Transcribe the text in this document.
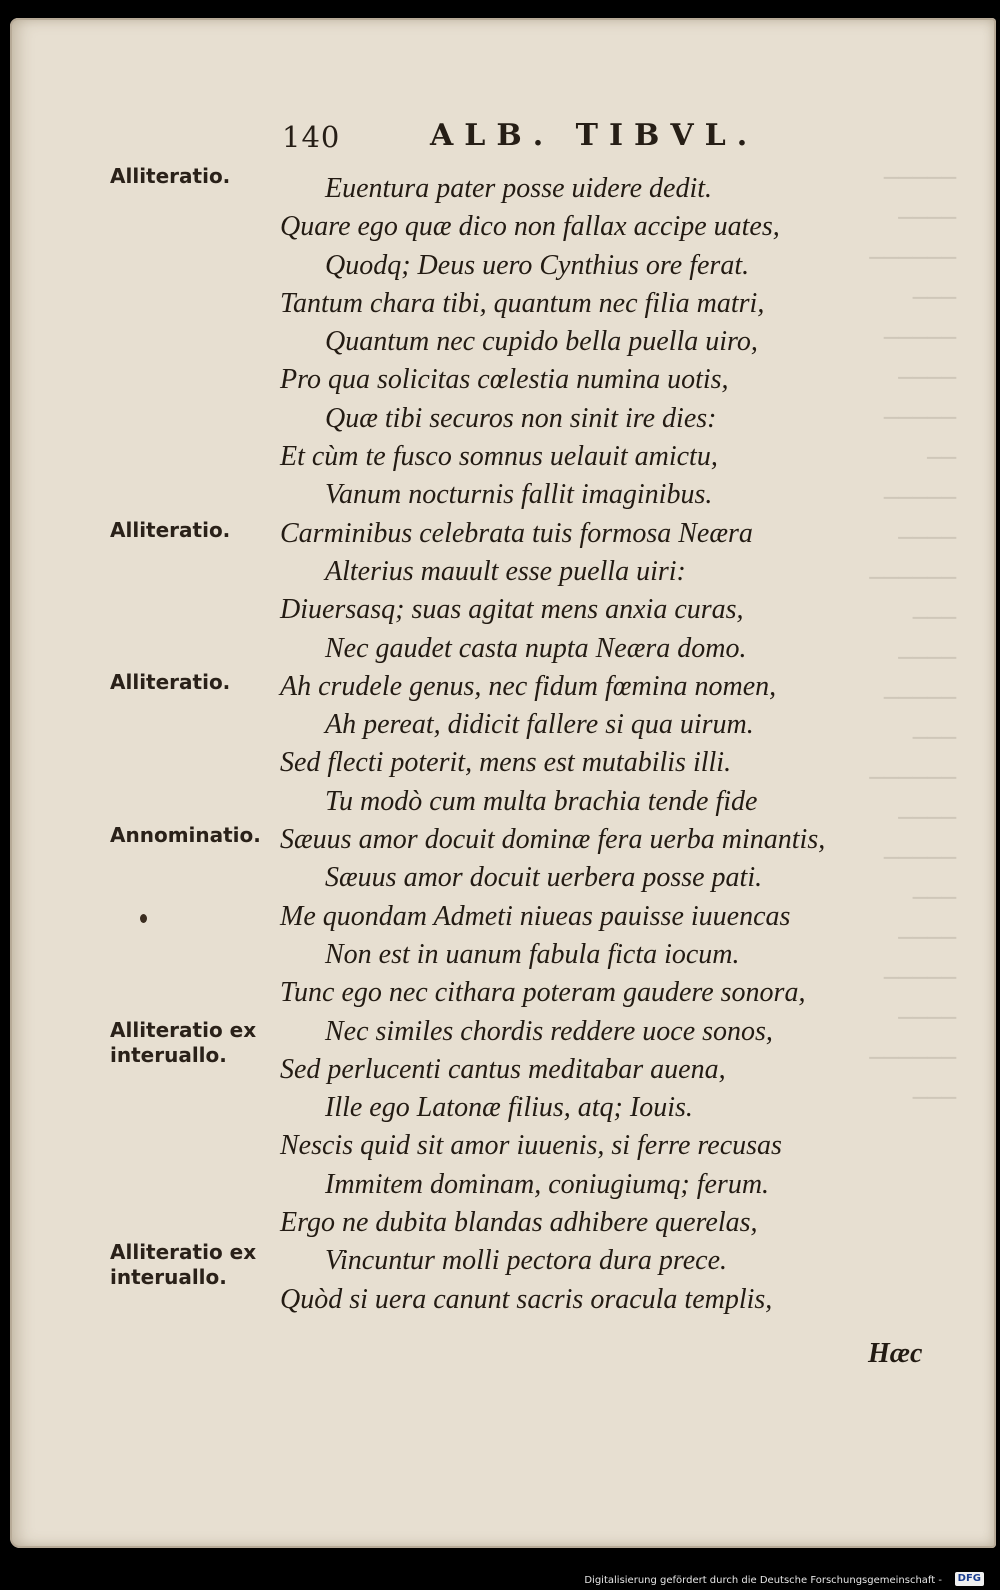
─────
────
──────
───
─────
────
─────
──
─────
────
──────
───
────
─────
───
──────
────
─────
───
────
─────
────
──────
───
140	ALB. TIBVL.
Alliteratio.
Alliteratio.
Alliteratio.
Annominatio.
Alliteratio ex
interuallo.
Alliteratio ex
interuallo.
Euentura pater posse uidere dedit.
Quare ego quæ dico non fallax accipe uates,
Quodq; Deus uero Cynthius ore ferat.
Tantum chara tibi, quantum nec filia matri,
Quantum nec cupido bella puella uiro,
Pro qua solicitas cœlestia numina uotis,
Quæ tibi securos non sinit ire dies:
Et cùm te fusco somnus uelauit amictu,
Vanum nocturnis fallit imaginibus.
Carminibus celebrata tuis formosa Neæra
Alterius mauult esse puella uiri:
Diuersasq; suas agitat mens anxia curas,
Nec gaudet casta nupta Neæra domo.
Ah crudele genus, nec fidum fœmina nomen,
Ah pereat, didicit fallere si qua uirum.
Sed flecti poterit, mens est mutabilis illi.
Tu modò cum multa brachia tende fide
Sæuus amor docuit dominæ fera uerba minantis,
Sæuus amor docuit uerbera posse pati.
Me quondam Admeti niueas pauisse iuuencas
Non est in uanum fabula ficta iocum.
Tunc ego nec cithara poteram gaudere sonora,
Nec similes chordis reddere uoce sonos,
Sed perlucenti cantus meditabar auena,
Ille ego Latonæ filius, atq; Iouis.
Nescis quid sit amor iuuenis, si ferre recusas
Immitem dominam, coniugiumq; ferum.
Ergo ne dubita blandas adhibere querelas,
Vincuntur molli pectora dura prece.
Quòd si uera canunt sacris oracula templis,
Hæc
Digitalisierung gefördert durch die Deutsche Forschungsgemeinschaft -	DFG
